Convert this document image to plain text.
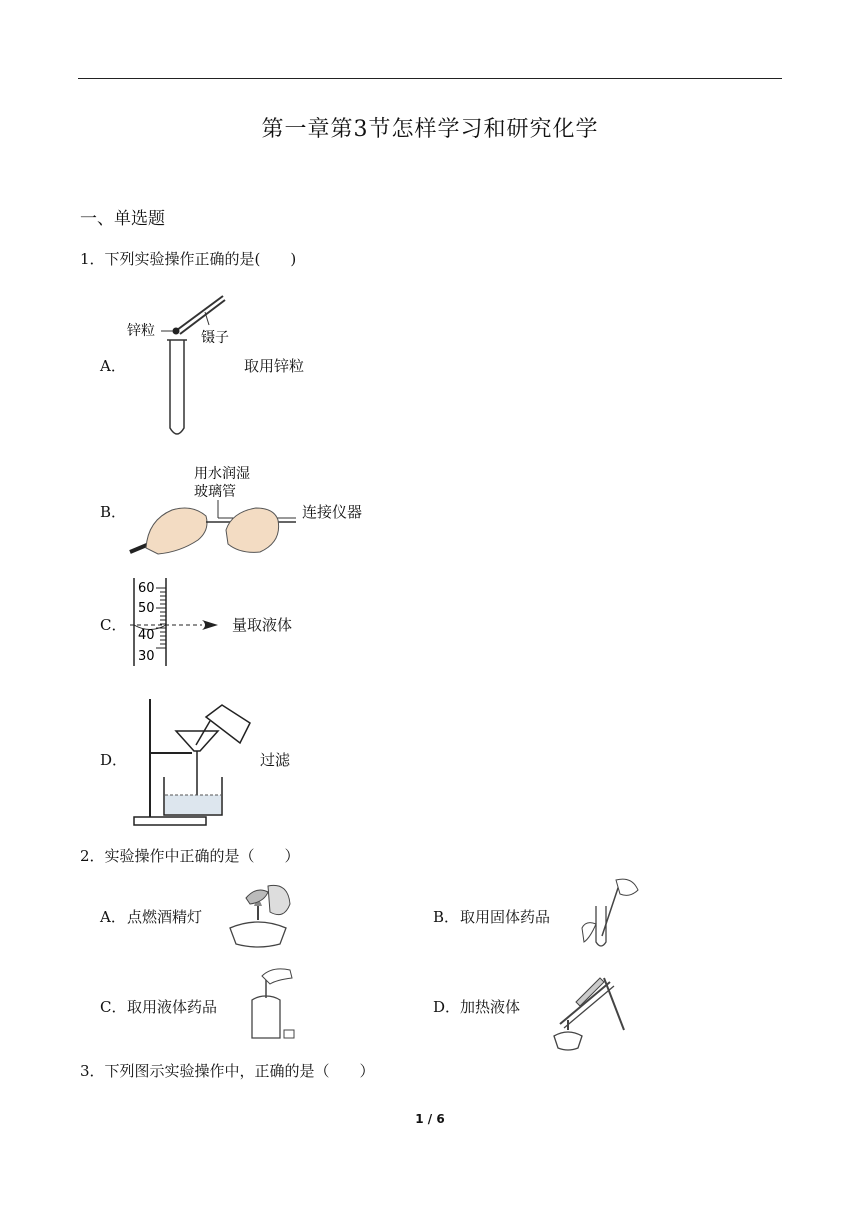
第一章第3节怎样学习和研究化学
一、单选题
1．下列实验操作正确的是(　　)
A．
锌粒	镊子
取用锌粒
B．
用水润湿
玻璃管
连接仪器
C．
60
50
40
30
量取液体
D．	过滤
2．实验操作中正确的是（　　）
A． 点燃酒精灯	B． 取用固体药品
C． 取用液体药品	D． 加热液体
3．下列图示实验操作中，正确的是（　　）
1 / 6
